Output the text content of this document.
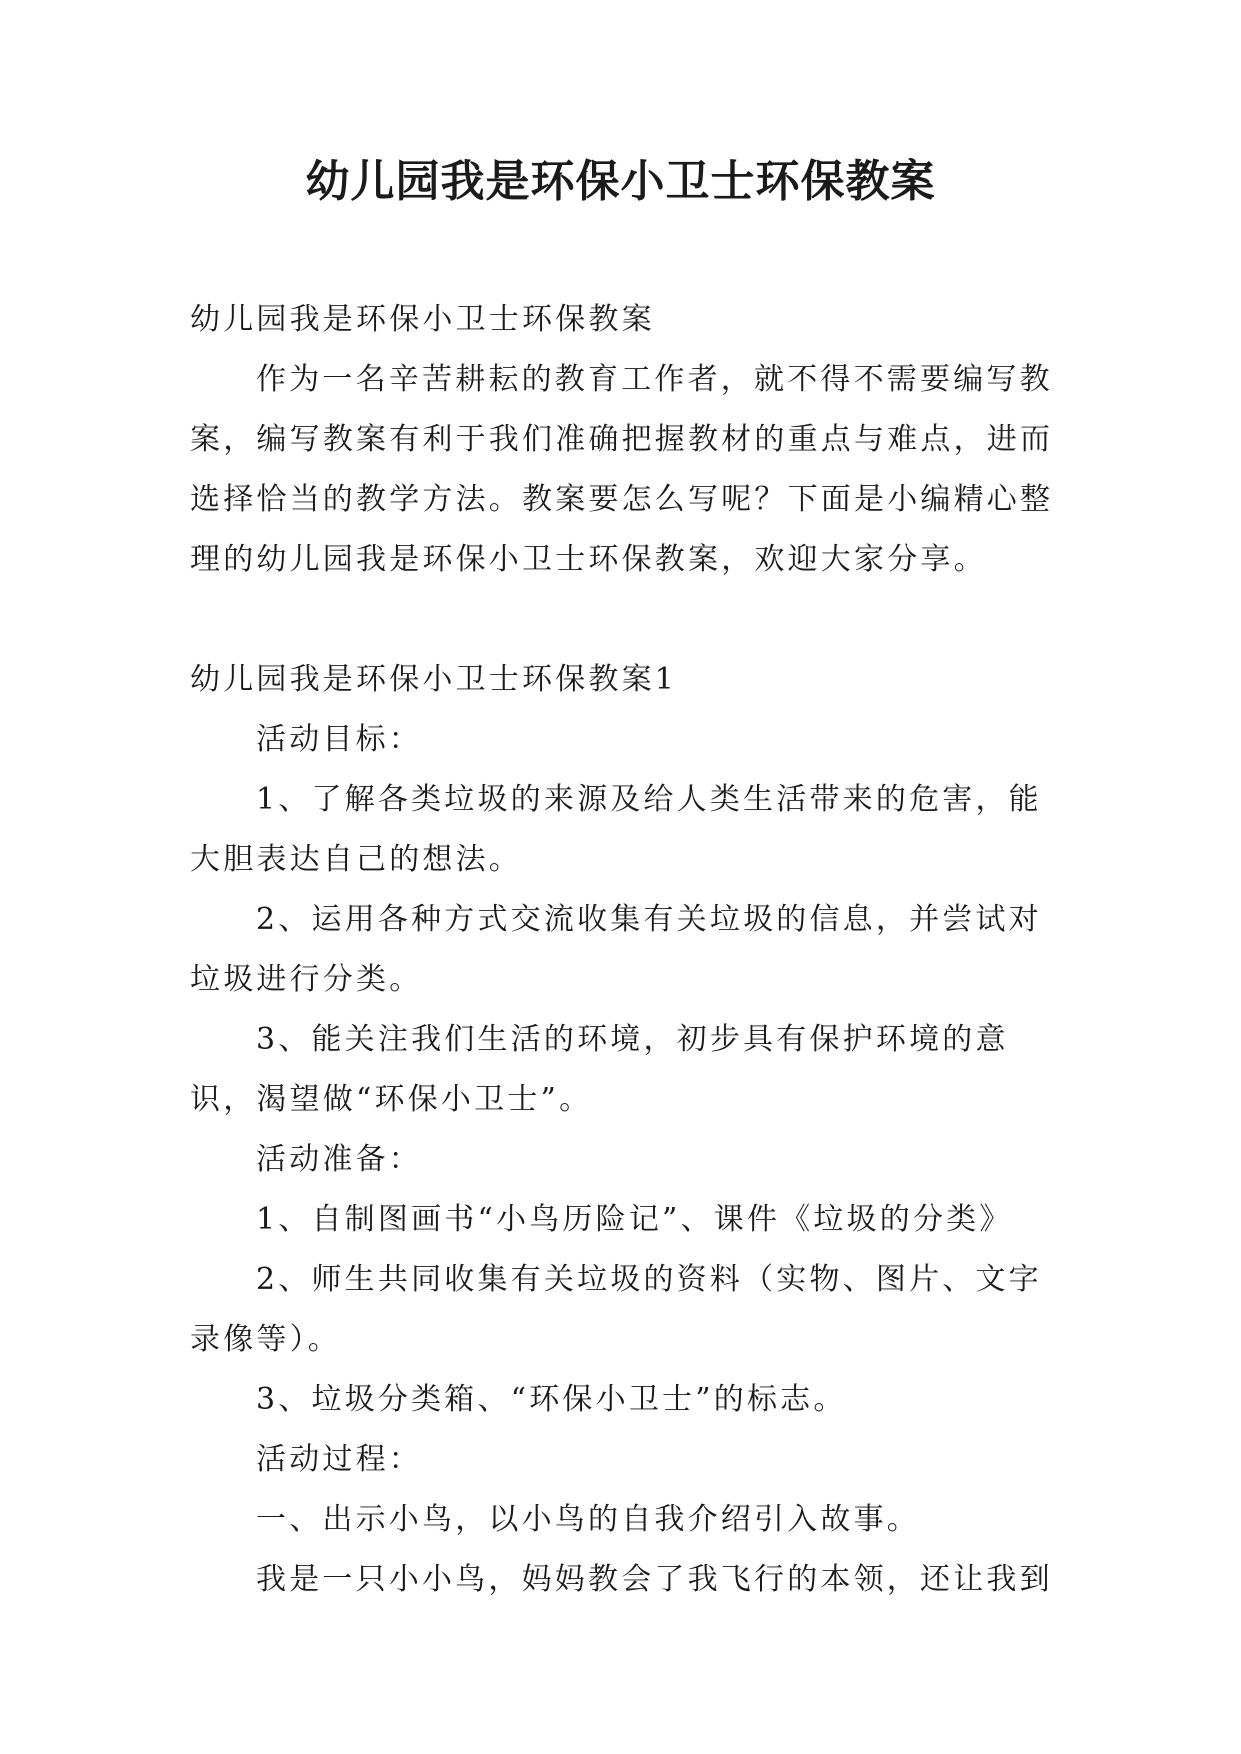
幼儿园我是环保小卫士环保教案

幼儿园我是环保小卫士环保教案

作为一名辛苦耕耘的教育工作者，就不得不需要编写教案，编写教案有利于我们准确把握教材的重点与难点，进而选择恰当的教学方法。教案要怎么写呢？下面是小编精心整理的幼儿园我是环保小卫士环保教案，欢迎大家分享。

幼儿园我是环保小卫士环保教案1

活动目标：

1、了解各类垃圾的来源及给人类生活带来的危害，能大胆表达自己的想法。

2、运用各种方式交流收集有关垃圾的信息，并尝试对垃圾进行分类。

3、能关注我们生活的环境，初步具有保护环境的意识，渴望做“环保小卫士”。

活动准备：

1、自制图画书“小鸟历险记”、课件《垃圾的分类》

2、师生共同收集有关垃圾的资料（实物、图片、文字录像等）。

3、垃圾分类箱、“环保小卫士”的标志。

活动过程：

一、出示小鸟，以小鸟的自我介绍引入故事。

我是一只小小鸟，妈妈教会了我飞行的本领，还让我到
